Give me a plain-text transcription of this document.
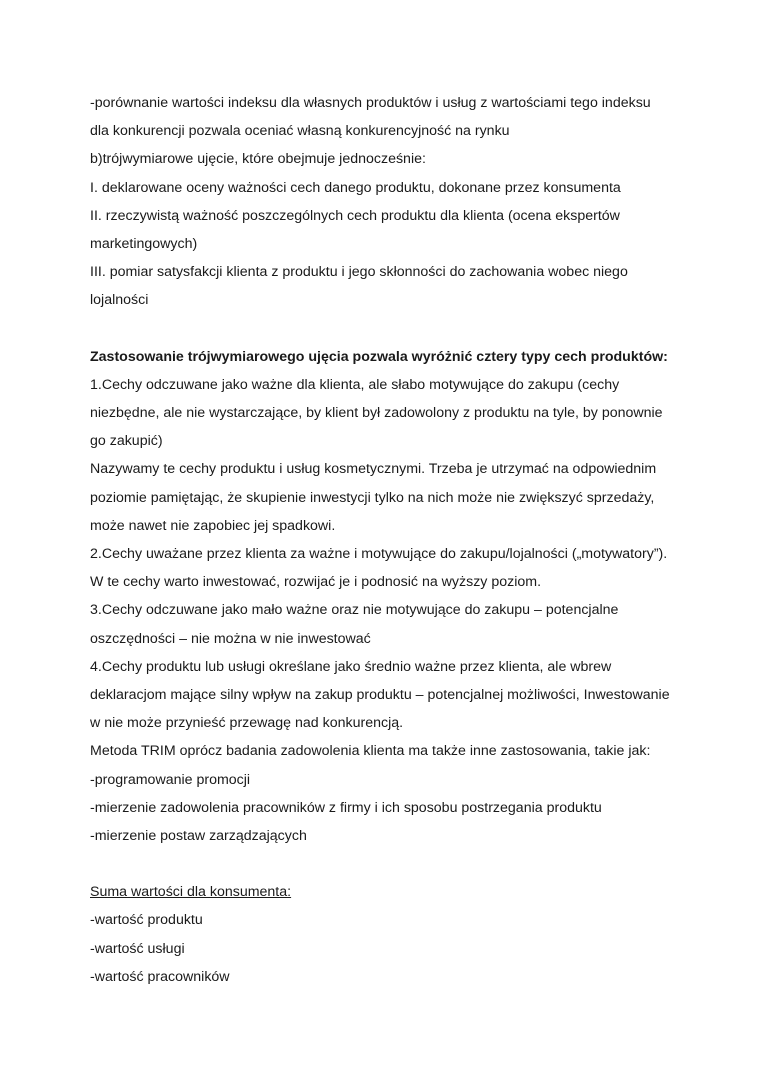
-porównanie wartości indeksu dla własnych produktów i usług z wartościami tego indeksu
dla konkurencji pozwala oceniać własną konkurencyjność na rynku
b)trójwymiarowe ujęcie, które obejmuje jednocześnie:
I. deklarowane oceny ważności cech danego produktu, dokonane przez konsumenta
II. rzeczywistą ważność poszczególnych cech produktu dla klienta (ocena ekspertów
marketingowych)
III. pomiar satysfakcji klienta z produktu i jego skłonności do zachowania wobec niego
lojalności
Zastosowanie trójwymiarowego ujęcia pozwala wyróżnić cztery typy cech produktów:
1.Cechy odczuwane jako ważne dla klienta, ale słabo motywujące do zakupu (cechy
niezbędne, ale nie wystarczające, by klient był zadowolony z produktu na tyle, by ponownie
go zakupić)
Nazywamy te cechy produktu i usług kosmetycznymi. Trzeba je utrzymać na odpowiednim
poziomie pamiętając, że skupienie inwestycji tylko na nich może nie zwiększyć sprzedaży,
może nawet nie zapobiec jej spadkowi.
2.Cechy uważane przez klienta za ważne i motywujące do zakupu/lojalności („motywatory”).
W te cechy warto inwestować, rozwijać je i podnosić na wyższy poziom.
3.Cechy odczuwane jako mało ważne oraz nie motywujące do zakupu – potencjalne
oszczędności – nie można w nie inwestować
4.Cechy produktu lub usługi określane jako średnio ważne przez klienta, ale wbrew
deklaracjom mające silny wpływ na zakup produktu – potencjalnej możliwości, Inwestowanie
w nie może przynieść przewagę nad konkurencją.
Metoda TRIM oprócz badania zadowolenia klienta ma także inne zastosowania, takie jak:
-programowanie promocji
-mierzenie zadowolenia pracowników z firmy i ich sposobu postrzegania produktu
-mierzenie postaw zarządzających
Suma wartości dla konsumenta:
-wartość produktu
-wartość usługi
-wartość pracowników
